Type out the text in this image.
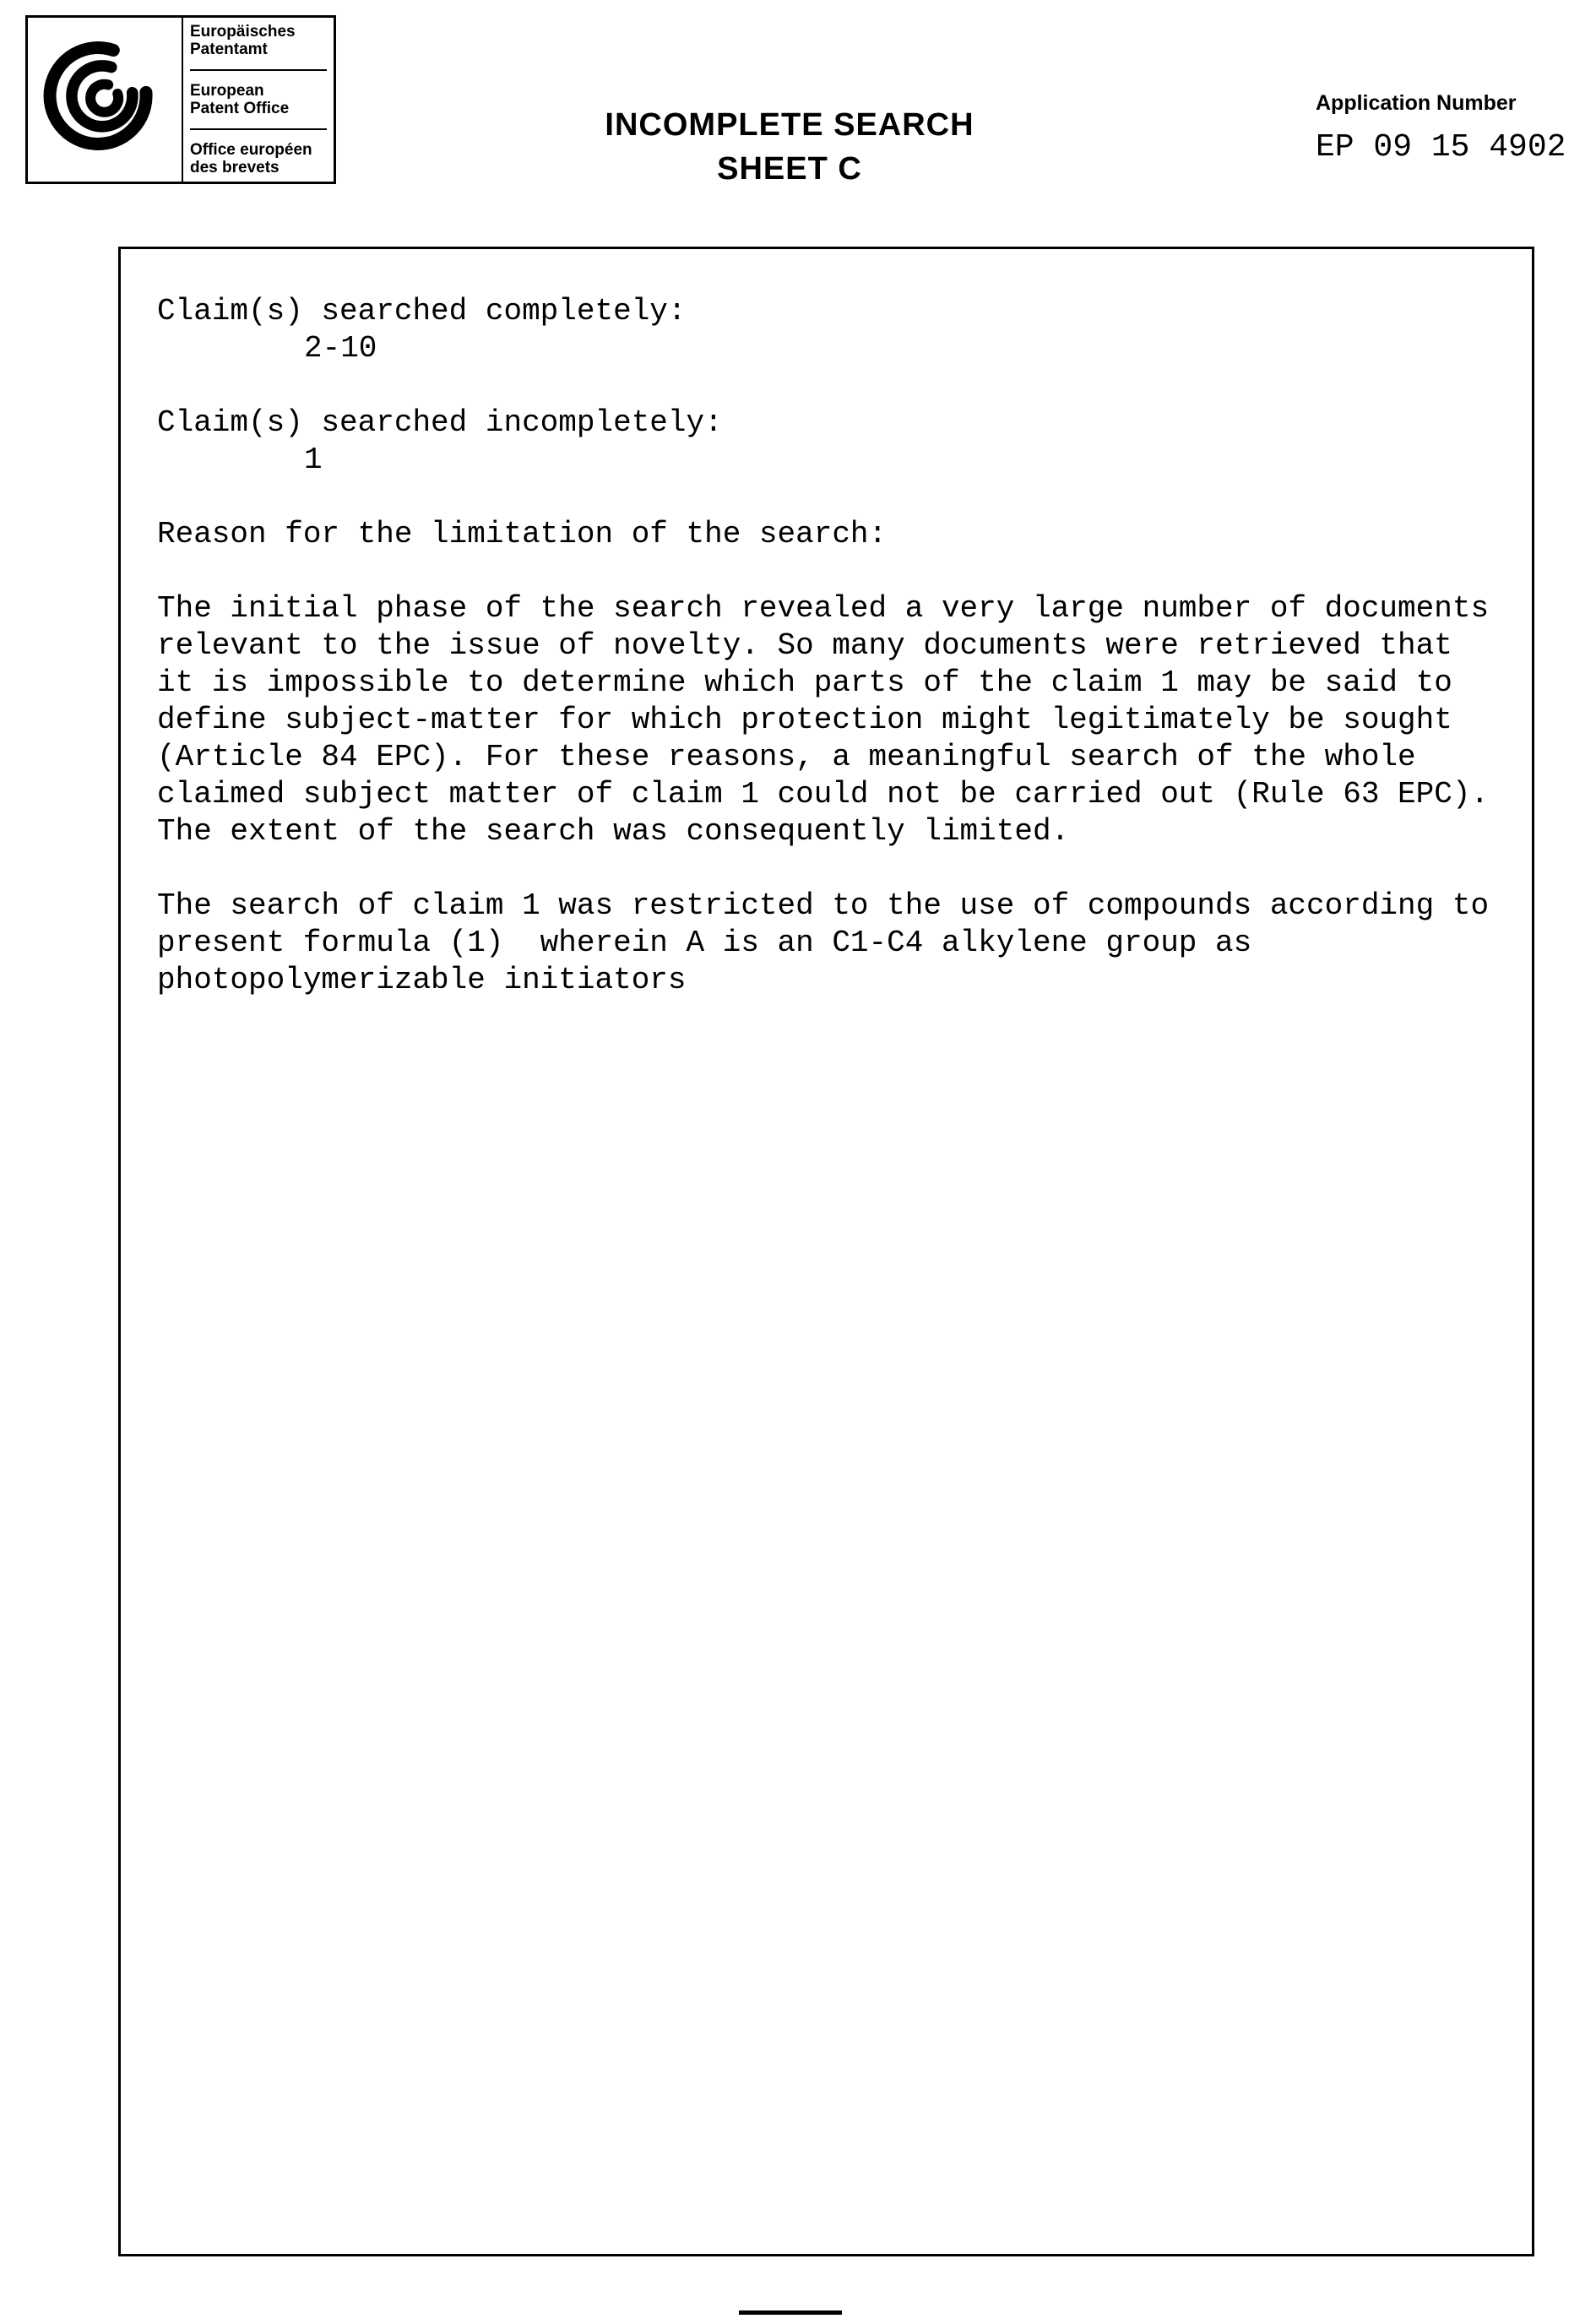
Europäisches
Patentamt
European
Patent Office
Office européen
des brevets
INCOMPLETE SEARCH
SHEET C
Application Number
EP 09 15 4902
Claim(s) searched completely:
2-10
Claim(s) searched incompletely:
1
Reason for the limitation of the search:
The initial phase of the search revealed a very large number of documents
relevant to the issue of novelty. So many documents were retrieved that
it is impossible to determine which parts of the claim 1 may be said to
define subject-matter for which protection might legitimately be sought
(Article 84 EPC). For these reasons, a meaningful search of the whole
claimed subject matter of claim 1 could not be carried out (Rule 63 EPC).
The extent of the search was consequently limited.
The search of claim 1 was restricted to the use of compounds according to
present formula (1)  wherein A is an C1-C4 alkylene group as
photopolymerizable initiators
